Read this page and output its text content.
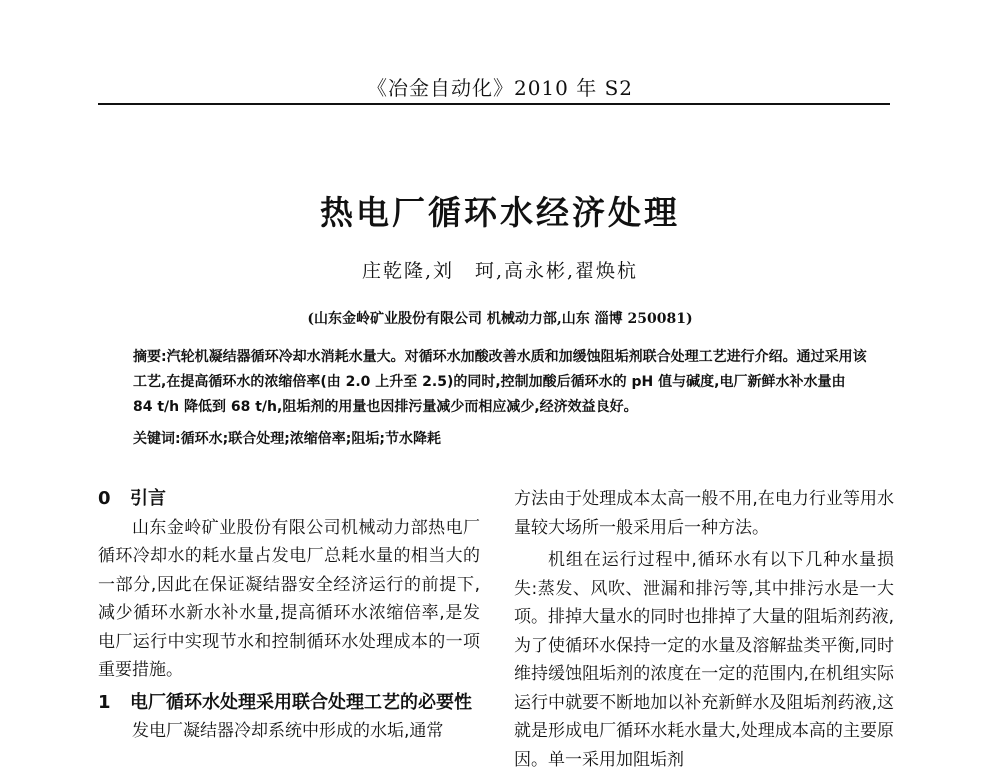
《冶金自动化》2010 年 S2
热电厂循环水经济处理
庄乾隆,刘　珂,高永彬,翟焕杭
(山东金岭矿业股份有限公司 机械动力部,山东 淄博 250081)
摘要:汽轮机凝结器循环冷却水消耗水量大。对循环水加酸改善水质和加缓蚀阻垢剂联合处理工艺进行介绍。通过采用该工艺,在提高循环水的浓缩倍率(由 2.0 上升至 2.5)的同时,控制加酸后循环水的 pH 值与碱度,电厂新鲜水补水量由 84 t/h 降低到 68 t/h,阻垢剂的用量也因排污量减少而相应减少,经济效益良好。
关键词:循环水;联合处理;浓缩倍率;阻垢;节水降耗
0	引言

山东金岭矿业股份有限公司机械动力部热电厂循环冷却水的耗水量占发电厂总耗水量的相当大的一部分,因此在保证凝结器安全经济运行的前提下,减少循环水新水补水量,提高循环水浓缩倍率,是发电厂运行中实现节水和控制循环水处理成本的一项重要措施。

1	电厂循环水处理采用联合处理工艺的必要性

发电厂凝结器冷却系统中形成的水垢,通常

方法由于处理成本太高一般不用,在电力行业等用水量较大场所一般采用后一种方法。

机组在运行过程中,循环水有以下几种水量损失:蒸发、风吹、泄漏和排污等,其中排污水是一大项。排掉大量水的同时也排掉了大量的阻垢剂药液,为了使循环水保持一定的水量及溶解盐类平衡,同时维持缓蚀阻垢剂的浓度在一定的范围内,在机组实际运行中就要不断地加以补充新鲜水及阻垢剂药液,这就是形成电厂循环水耗水量大,处理成本高的主要原因。单一采用加阻垢剂
